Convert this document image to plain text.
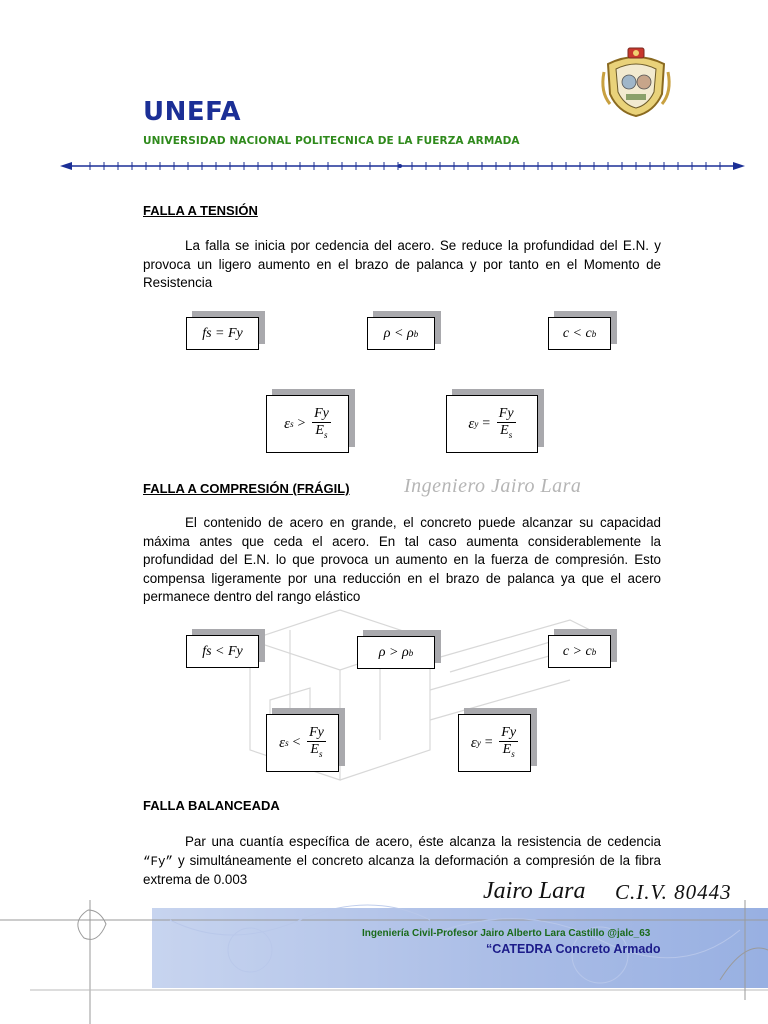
UNEFA
UNIVERSIDAD NACIONAL POLITECNICA DE LA FUERZA ARMADA
FALLA A TENSIÓN
La falla se inicia por cedencia del acero. Se reduce la profundidad del E.N. y provoca un ligero aumento en el brazo de palanca y por tanto en el Momento de Resistencia
fs = Fy	ρ < ρ b	c < c b
ε $s > \frac{Fy}{E_s}$	ε $y = \frac{Fy}{E_s}$
Ingeniero Jairo Lara
FALLA A COMPRESIÓN (FRÁGIL)
El contenido de acero en grande, el concreto puede alcanzar su capacidad máxima antes que ceda el acero. En tal caso aumenta considerablemente la profundidad del E.N. lo que provoca un aumento en la fuerza de compresión. Esto compensa ligeramente por una reducción en el brazo de palanca ya que el acero permanece dentro del rango elástico
fs < Fy	ρ > ρ b	c > c b
ε $s < \frac{Fy}{E_s}$	ε $y = \frac{Fy}{E_s}$
FALLA BALANCEADA
Par una cuantía específica de acero, éste alcanza la resistencia de cedencia “Fy” y simultáneamente el concreto alcanza la deformación a compresión de la fibra extrema de 0.003
Ingeniería Civil-Profesor Jairo Alberto Lara Castillo @jalc_63
“CATEDRA Concreto Armado
Jairo Lara C.I.V. 80443
